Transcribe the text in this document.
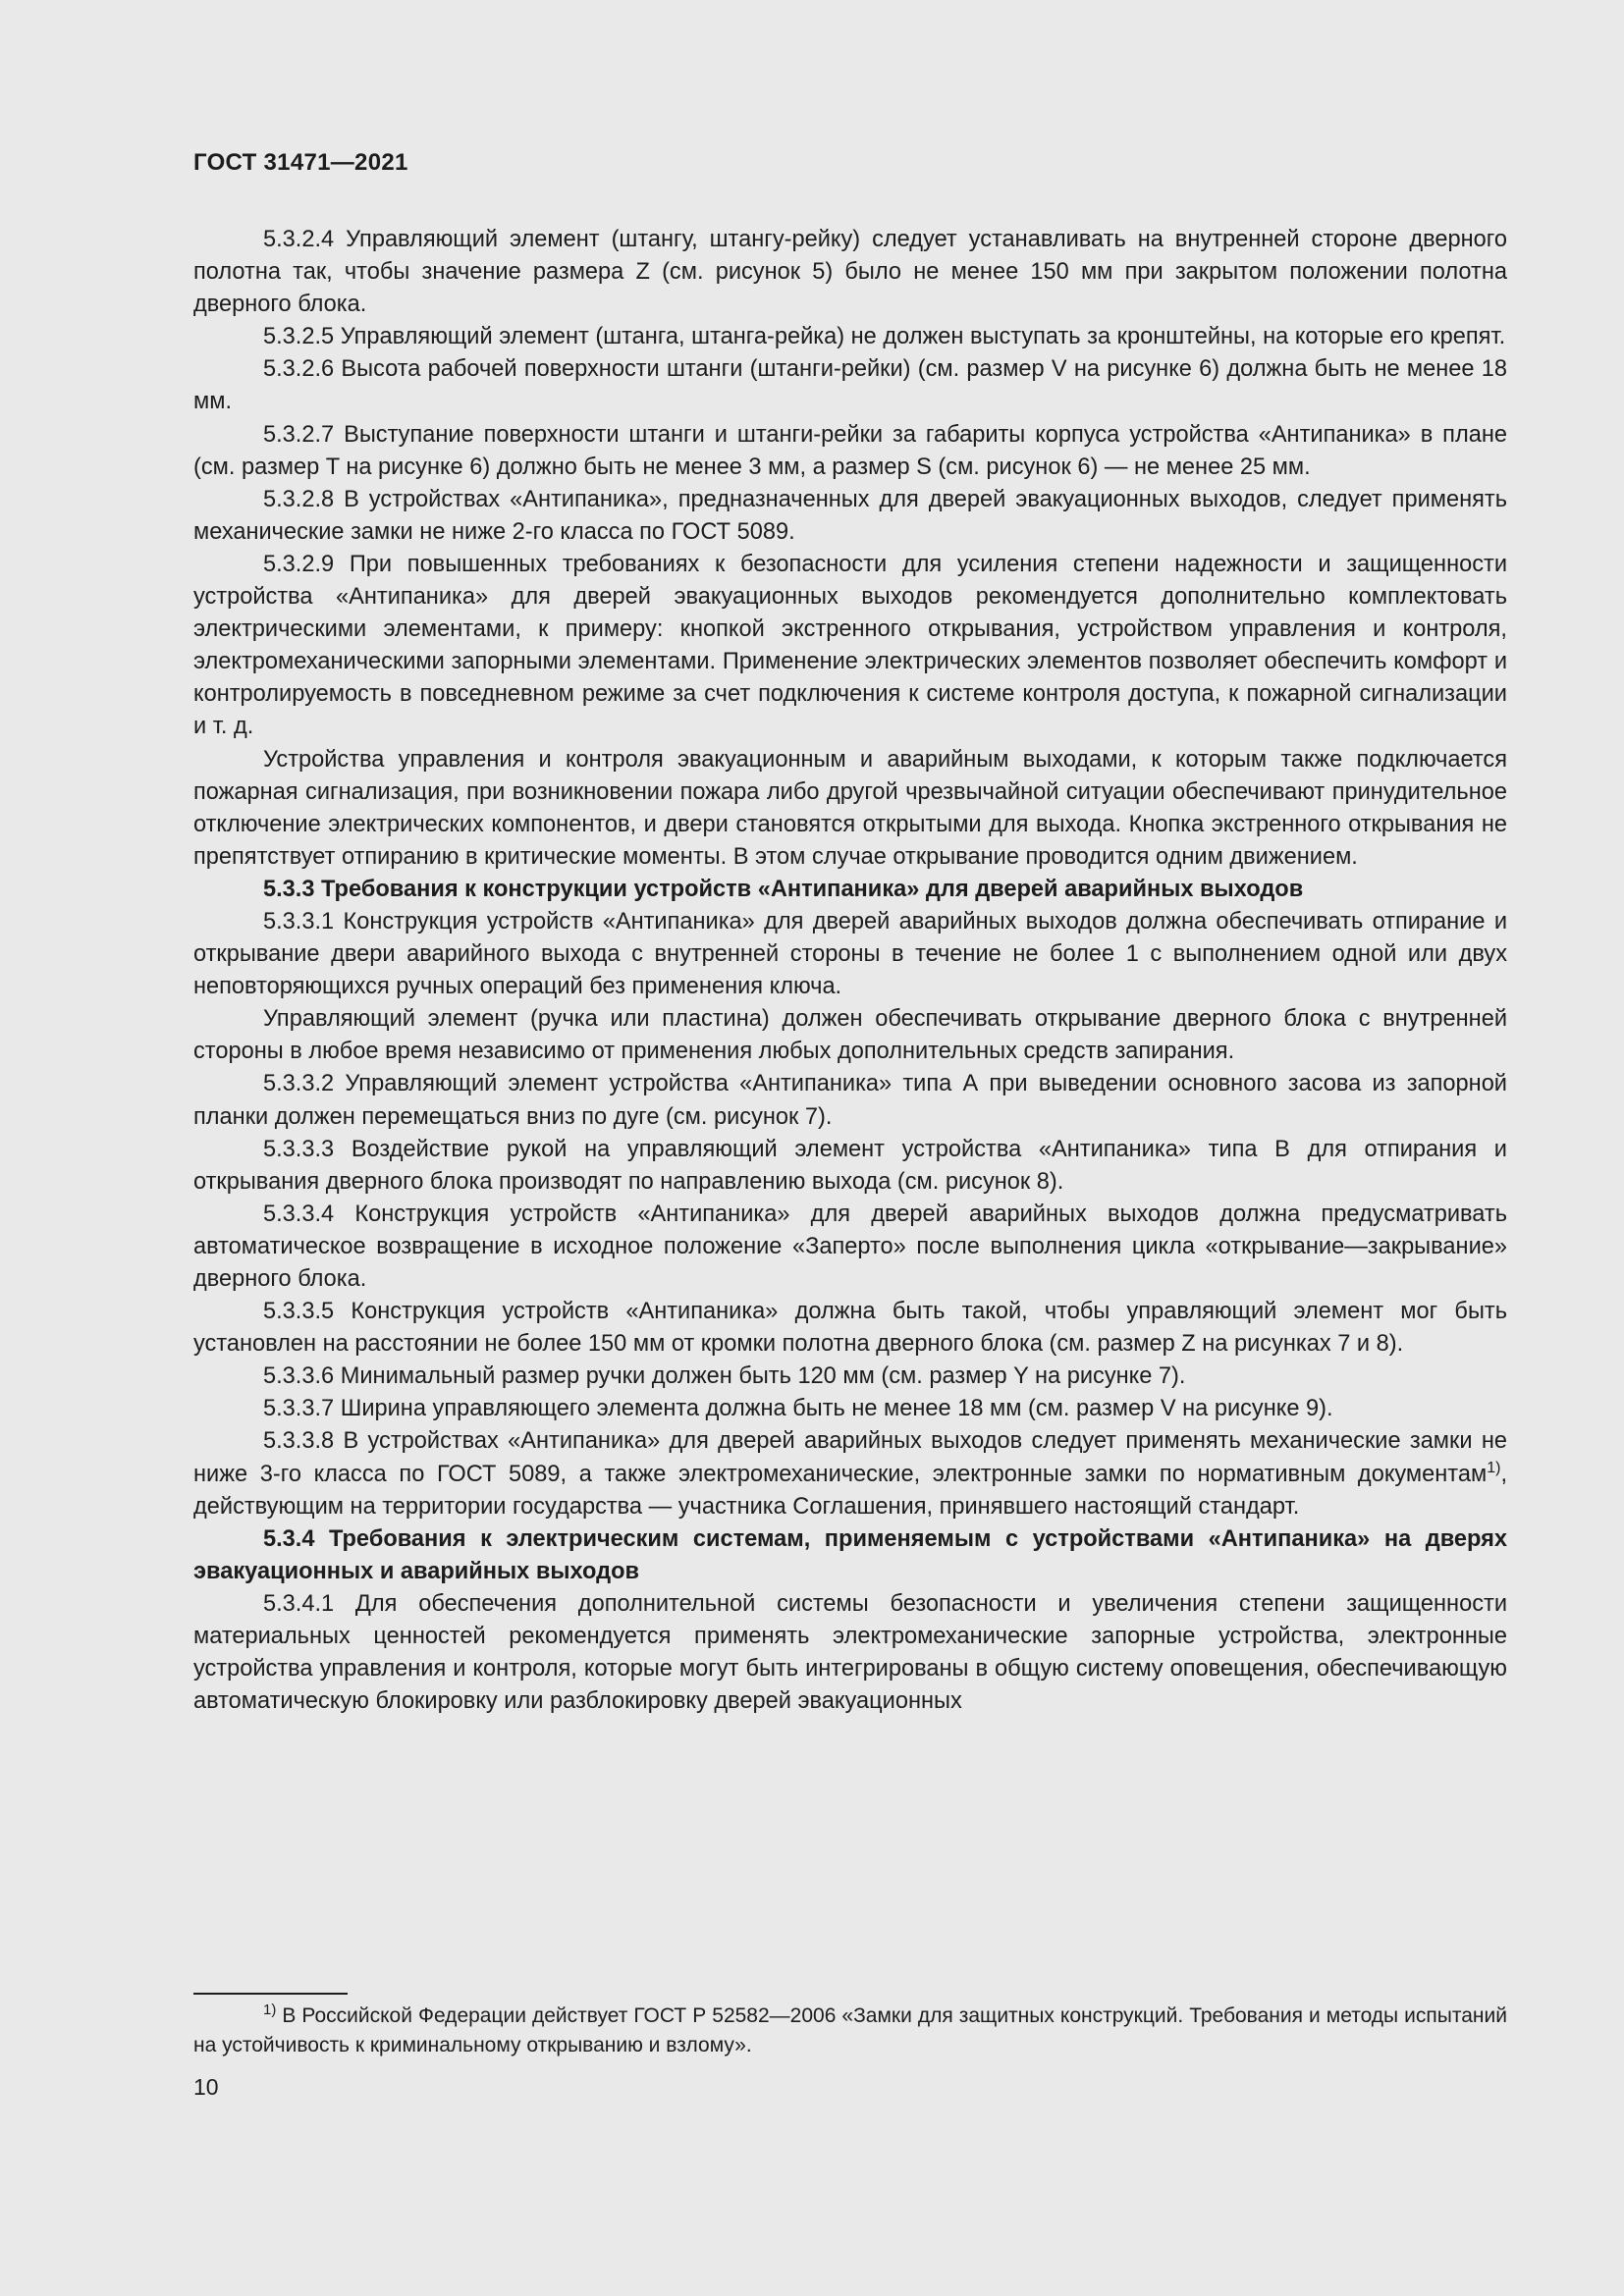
ГОСТ 31471—2021

5.3.2.4 Управляющий элемент (штангу, штангу-рейку) следует устанавливать на внутренней стороне дверного полотна так, чтобы значение размера Z (см. рисунок 5) было не менее 150 мм при закрытом положении полотна дверного блока.

5.3.2.5 Управляющий элемент (штанга, штанга-рейка) не должен выступать за кронштейны, на которые его крепят.

5.3.2.6 Высота рабочей поверхности штанги (штанги-рейки) (см. размер V на рисунке 6) должна быть не менее 18 мм.

5.3.2.7 Выступание поверхности штанги и штанги-рейки за габариты корпуса устройства «Антипаника» в плане (см. размер T на рисунке 6) должно быть не менее 3 мм, а размер S (см. рисунок 6) — не менее 25 мм.

5.3.2.8 В устройствах «Антипаника», предназначенных для дверей эвакуационных выходов, следует применять механические замки не ниже 2-го класса по ГОСТ 5089.

5.3.2.9 При повышенных требованиях к безопасности для усиления степени надежности и защищенности устройства «Антипаника» для дверей эвакуационных выходов рекомендуется дополнительно комплектовать электрическими элементами, к примеру: кнопкой экстренного открывания, устройством управления и контроля, электромеханическими запорными элементами. Применение электрических элементов позволяет обеспечить комфорт и контролируемость в повседневном режиме за счет подключения к системе контроля доступа, к пожарной сигнализации и т. д.

Устройства управления и контроля эвакуационным и аварийным выходами, к которым также подключается пожарная сигнализация, при возникновении пожара либо другой чрезвычайной ситуации обеспечивают принудительное отключение электрических компонентов, и двери становятся открытыми для выхода. Кнопка экстренного открывания не препятствует отпиранию в критические моменты. В этом случае открывание проводится одним движением.

5.3.3 Требования к конструкции устройств «Антипаника» для дверей аварийных выходов

5.3.3.1 Конструкция устройств «Антипаника» для дверей аварийных выходов должна обеспечивать отпирание и открывание двери аварийного выхода с внутренней стороны в течение не более 1 с выполнением одной или двух неповторяющихся ручных операций без применения ключа.

Управляющий элемент (ручка или пластина) должен обеспечивать открывание дверного блока с внутренней стороны в любое время независимо от применения любых дополнительных средств запирания.

5.3.3.2 Управляющий элемент устройства «Антипаника» типа А при выведении основного засова из запорной планки должен перемещаться вниз по дуге (см. рисунок 7).

5.3.3.3 Воздействие рукой на управляющий элемент устройства «Антипаника» типа В для отпирания и открывания дверного блока производят по направлению выхода (см. рисунок 8).

5.3.3.4 Конструкция устройств «Антипаника» для дверей аварийных выходов должна предусматривать автоматическое возвращение в исходное положение «Заперто» после выполнения цикла «открывание—закрывание» дверного блока.

5.3.3.5 Конструкция устройств «Антипаника» должна быть такой, чтобы управляющий элемент мог быть установлен на расстоянии не более 150 мм от кромки полотна дверного блока (см. размер Z на рисунках 7 и 8).

5.3.3.6 Минимальный размер ручки должен быть 120 мм (см. размер Y на рисунке 7).

5.3.3.7 Ширина управляющего элемента должна быть не менее 18 мм (см. размер V на рисунке 9).

5.3.3.8 В устройствах «Антипаника» для дверей аварийных выходов следует применять механические замки не ниже 3-го класса по ГОСТ 5089, а также электромеханические, электронные замки по нормативным документам$^{1)}$, действующим на территории государства — участника Соглашения, принявшего настоящий стандарт.

5.3.4 Требования к электрическим системам, применяемым с устройствами «Антипаника» на дверях эвакуационных и аварийных выходов

5.3.4.1 Для обеспечения дополнительной системы безопасности и увеличения степени защищенности материальных ценностей рекомендуется применять электромеханические запорные устройства, электронные устройства управления и контроля, которые могут быть интегрированы в общую систему оповещения, обеспечивающую автоматическую блокировку или разблокировку дверей эвакуационных

$^{1)}$ В Российской Федерации действует ГОСТ Р 52582—2006 «Замки для защитных конструкций. Требования и методы испытаний на устойчивость к криминальному открыванию и взлому».

10
